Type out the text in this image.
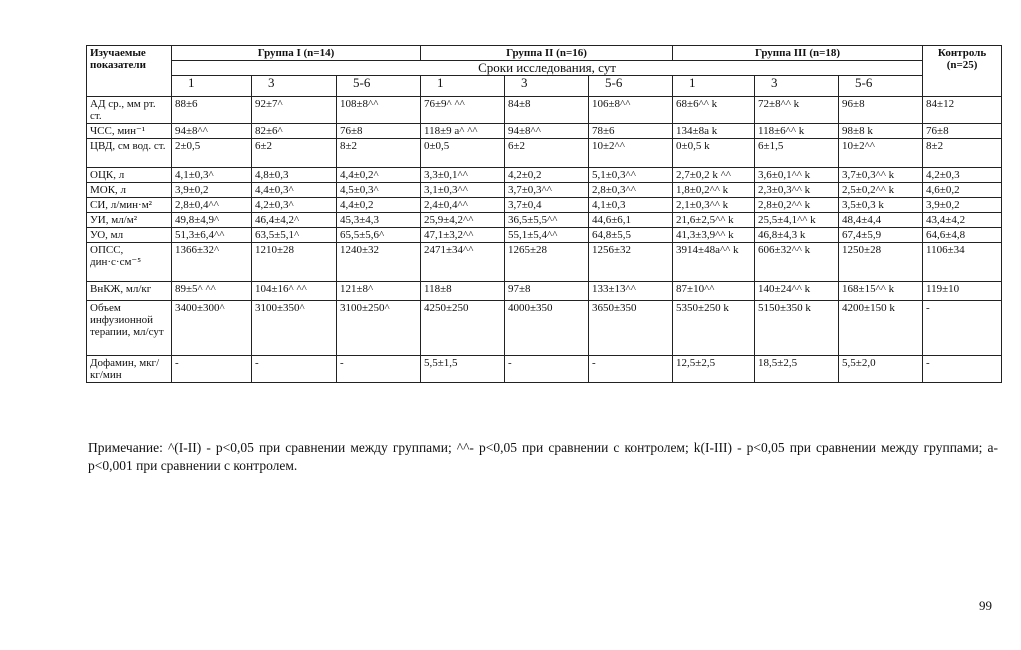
Изучаемые показатели	Группа I (n=14)			Группа II (n=16)			Группа III (n=18)			Контроль (n=25)
	Сроки исследования, сут									
	1	3	5-6	1	3	5-6	1	3	5-6	
АД ср., мм рт. ст.	88±6	92±7^	108±8^^	76±9^ ^^	84±8	106±8^^	68±6^^ k	72±8^^ k	96±8	84±12
ЧСС, мин⁻¹	94±8^^	82±6^	76±8	118±9 a^ ^^	94±8^^	78±6	134±8a k	118±6^^ k	98±8 k	76±8
ЦВД, см вод. ст.	2±0,5	6±2	8±2	0±0,5	6±2	10±2^^	0±0,5 k	6±1,5	10±2^^	8±2
ОЦК, л	4,1±0,3^	4,8±0,3	4,4±0,2^	3,3±0,1^^	4,2±0,2	5,1±0,3^^	2,7±0,2 k ^^	3,6±0,1^^ k	3,7±0,3^^ k	4,2±0,3
МОК, л	3,9±0,2	4,4±0,3^	4,5±0,3^	3,1±0,3^^	3,7±0,3^^	2,8±0,3^^	1,8±0,2^^ k	2,3±0,3^^ k	2,5±0,2^^ k	4,6±0,2
СИ, л/мин·м²	2,8±0,4^^	4,2±0,3^	4,4±0,2	2,4±0,4^^	3,7±0,4	4,1±0,3	2,1±0,3^^ k	2,8±0,2^^ k	3,5±0,3 k	3,9±0,2
УИ, мл/м²	49,8±4,9^	46,4±4,2^	45,3±4,3	25,9±4,2^^	36,5±5,5^^	44,6±6,1	21,6±2,5^^ k	25,5±4,1^^ k	48,4±4,4	43,4±4,2
УО, мл	51,3±6,4^^	63,5±5,1^	65,5±5,6^	47,1±3,2^^	55,1±5,4^^	64,8±5,5	41,3±3,9^^ k	46,8±4,3 k	67,4±5,9	64,6±4,8
ОПСС, дин·с·см⁻⁵	1366±32^	1210±28	1240±32	2471±34^^	1265±28	1256±32	3914±48a^^ k	606±32^^ k	1250±28	1106±34
ВнКЖ, мл/кг	89±5^ ^^	104±16^ ^^	121±8^	118±8	97±8	133±13^^	87±10^^	140±24^^ k	168±15^^ k	119±10
Объем инфузионной терапии, мл/сут	3400±300^	3100±350^	3100±250^	4250±250	4000±350	3650±350	5350±250 k	5150±350 k	4200±150 k	-
Дофамин, мкг/кг/мин	-	-	-	5,5±1,5	-	-	12,5±2,5	18,5±2,5	5,5±2,0	-
Примечание: ^(I-II) - р<0,05 при сравнении между группами; ^^- р<0,05 при сравнении с контролем; k(I-III) - р<0,05 при сравнении между группами; a- р<0,001 при сравнении с контролем.
99
